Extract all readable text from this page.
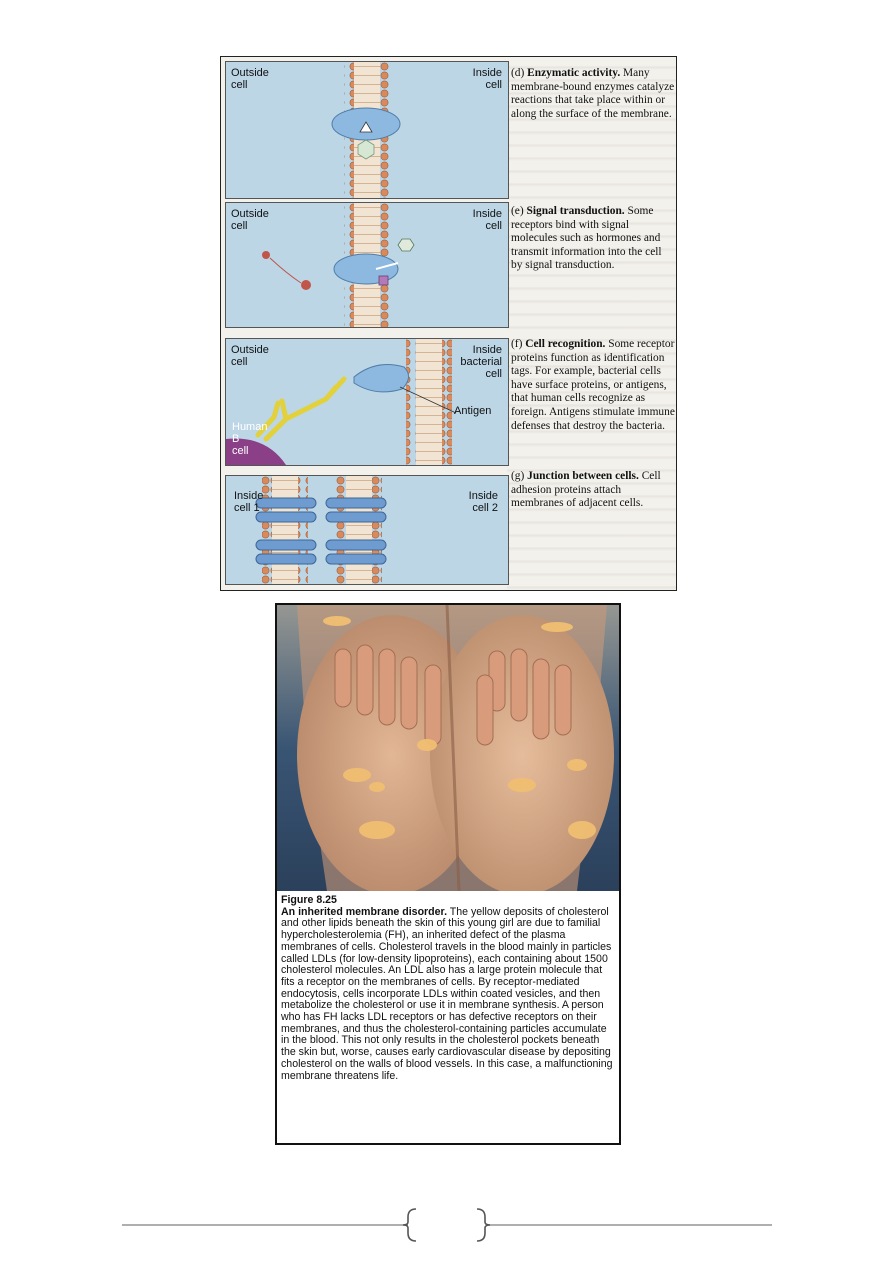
Outside
cell
Inside
cell
(d) Enzymatic activity. Many membrane-bound enzymes catalyze reactions that take place within or along the surface of the membrane.
Outside
cell
Inside
cell
(e) Signal transduction. Some receptors bind with signal molecules such as hormones and transmit information into the cell by signal transduction.
Outside
cell
Inside
bacterial
cell
Human
B
cell
Antigen
(f) Cell recognition. Some receptor proteins function as identification tags. For example, bacterial cells have surface proteins, or antigens, that human cells recognize as foreign. Antigens stimulate immune defenses that destroy the bacteria.
Inside
cell 1
Inside
cell 2
(g) Junction between cells. Cell adhesion proteins attach membranes of adjacent cells.
Figure 8.25
An inherited membrane disorder. The yellow deposits of cholesterol and other lipids beneath the skin of this young girl are due to familial hypercholesterolemia (FH), an inherited defect of the plasma membranes of cells. Cholesterol travels in the blood mainly in particles called LDLs (for low-density lipoproteins), each containing about 1500 cholesterol molecules. An LDL also has a large protein molecule that fits a receptor on the membranes of cells. By receptor-mediated endocytosis, cells incorporate LDLs within coated vesicles, and then metabolize the cholesterol or use it in membrane synthesis. A person who has FH lacks LDL receptors or has defective receptors on their membranes, and thus the cholesterol-containing particles accumulate in the blood. This not only results in the cholesterol pockets beneath the skin but, worse, causes early cardiovascular disease by depositing cholesterol on the walls of blood vessels. In this case, a malfunctioning membrane threatens life.
